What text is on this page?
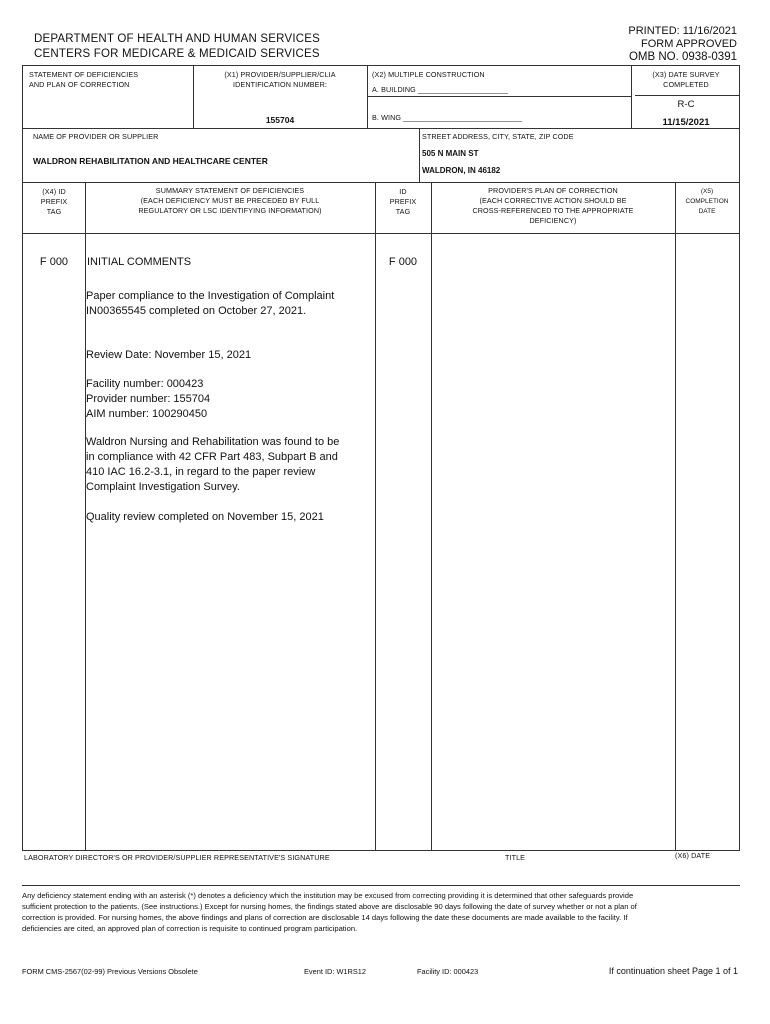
DEPARTMENT OF HEALTH AND HUMAN SERVICES
CENTERS FOR MEDICARE & MEDICAID SERVICES
PRINTED: 11/16/2021
FORM APPROVED
OMB NO. 0938-0391
STATEMENT OF DEFICIENCIES
AND PLAN OF CORRECTION
(X1) PROVIDER/SUPPLIER/CLIA
IDENTIFICATION NUMBER:
155704
(X2) MULTIPLE CONSTRUCTION
A. BUILDING ______________________
B. WING _____________________________
(X3) DATE SURVEY
COMPLETED
R-C
11/15/2021
NAME OF PROVIDER OR SUPPLIER
WALDRON REHABILITATION AND HEALTHCARE CENTER
STREET ADDRESS, CITY, STATE, ZIP CODE
505 N MAIN ST
WALDRON, IN 46182
(X4) ID
PREFIX
TAG
SUMMARY STATEMENT OF DEFICIENCIES
(EACH DEFICIENCY MUST BE PRECEDED BY FULL
REGULATORY OR LSC IDENTIFYING INFORMATION)
ID
PREFIX
TAG
PROVIDER'S PLAN OF CORRECTION
(EACH CORRECTIVE ACTION SHOULD BE
CROSS-REFERENCED TO THE APPROPRIATE
DEFICIENCY)
(X5)
COMPLETION
DATE
F 000	INITIAL COMMENTS	F 000
Paper compliance to the Investigation of Complaint IN00365545 completed on October 27, 2021.
Review Date: November 15, 2021
Facility number: 000423
Provider number: 155704
AIM number: 100290450
Waldron Nursing and Rehabilitation was found to be in compliance with 42 CFR Part 483, Subpart B and 410 IAC 16.2-3.1, in regard to the paper review Complaint Investigation Survey.
Quality review completed on November 15, 2021
LABORATORY DIRECTOR'S OR PROVIDER/SUPPLIER REPRESENTATIVE'S SIGNATURE	TITLE	(X6) DATE
Any deficiency statement ending with an asterisk (*) denotes a deficiency which the institution may be excused from correcting providing it is determined that other safeguards provide sufficient protection to the patients. (See instructions.) Except for nursing homes, the findings stated above are disclosable 90 days following the date of survey whether or not a plan of correction is provided. For nursing homes, the above findings and plans of correction are disclosable 14 days following the date these documents are made available to the facility. If deficiencies are cited, an approved plan of correction is requisite to continued program participation.
FORM CMS-2567(02-99) Previous Versions Obsolete	Event ID: W1RS12	Facility ID: 000423	If continuation sheet Page 1 of 1
